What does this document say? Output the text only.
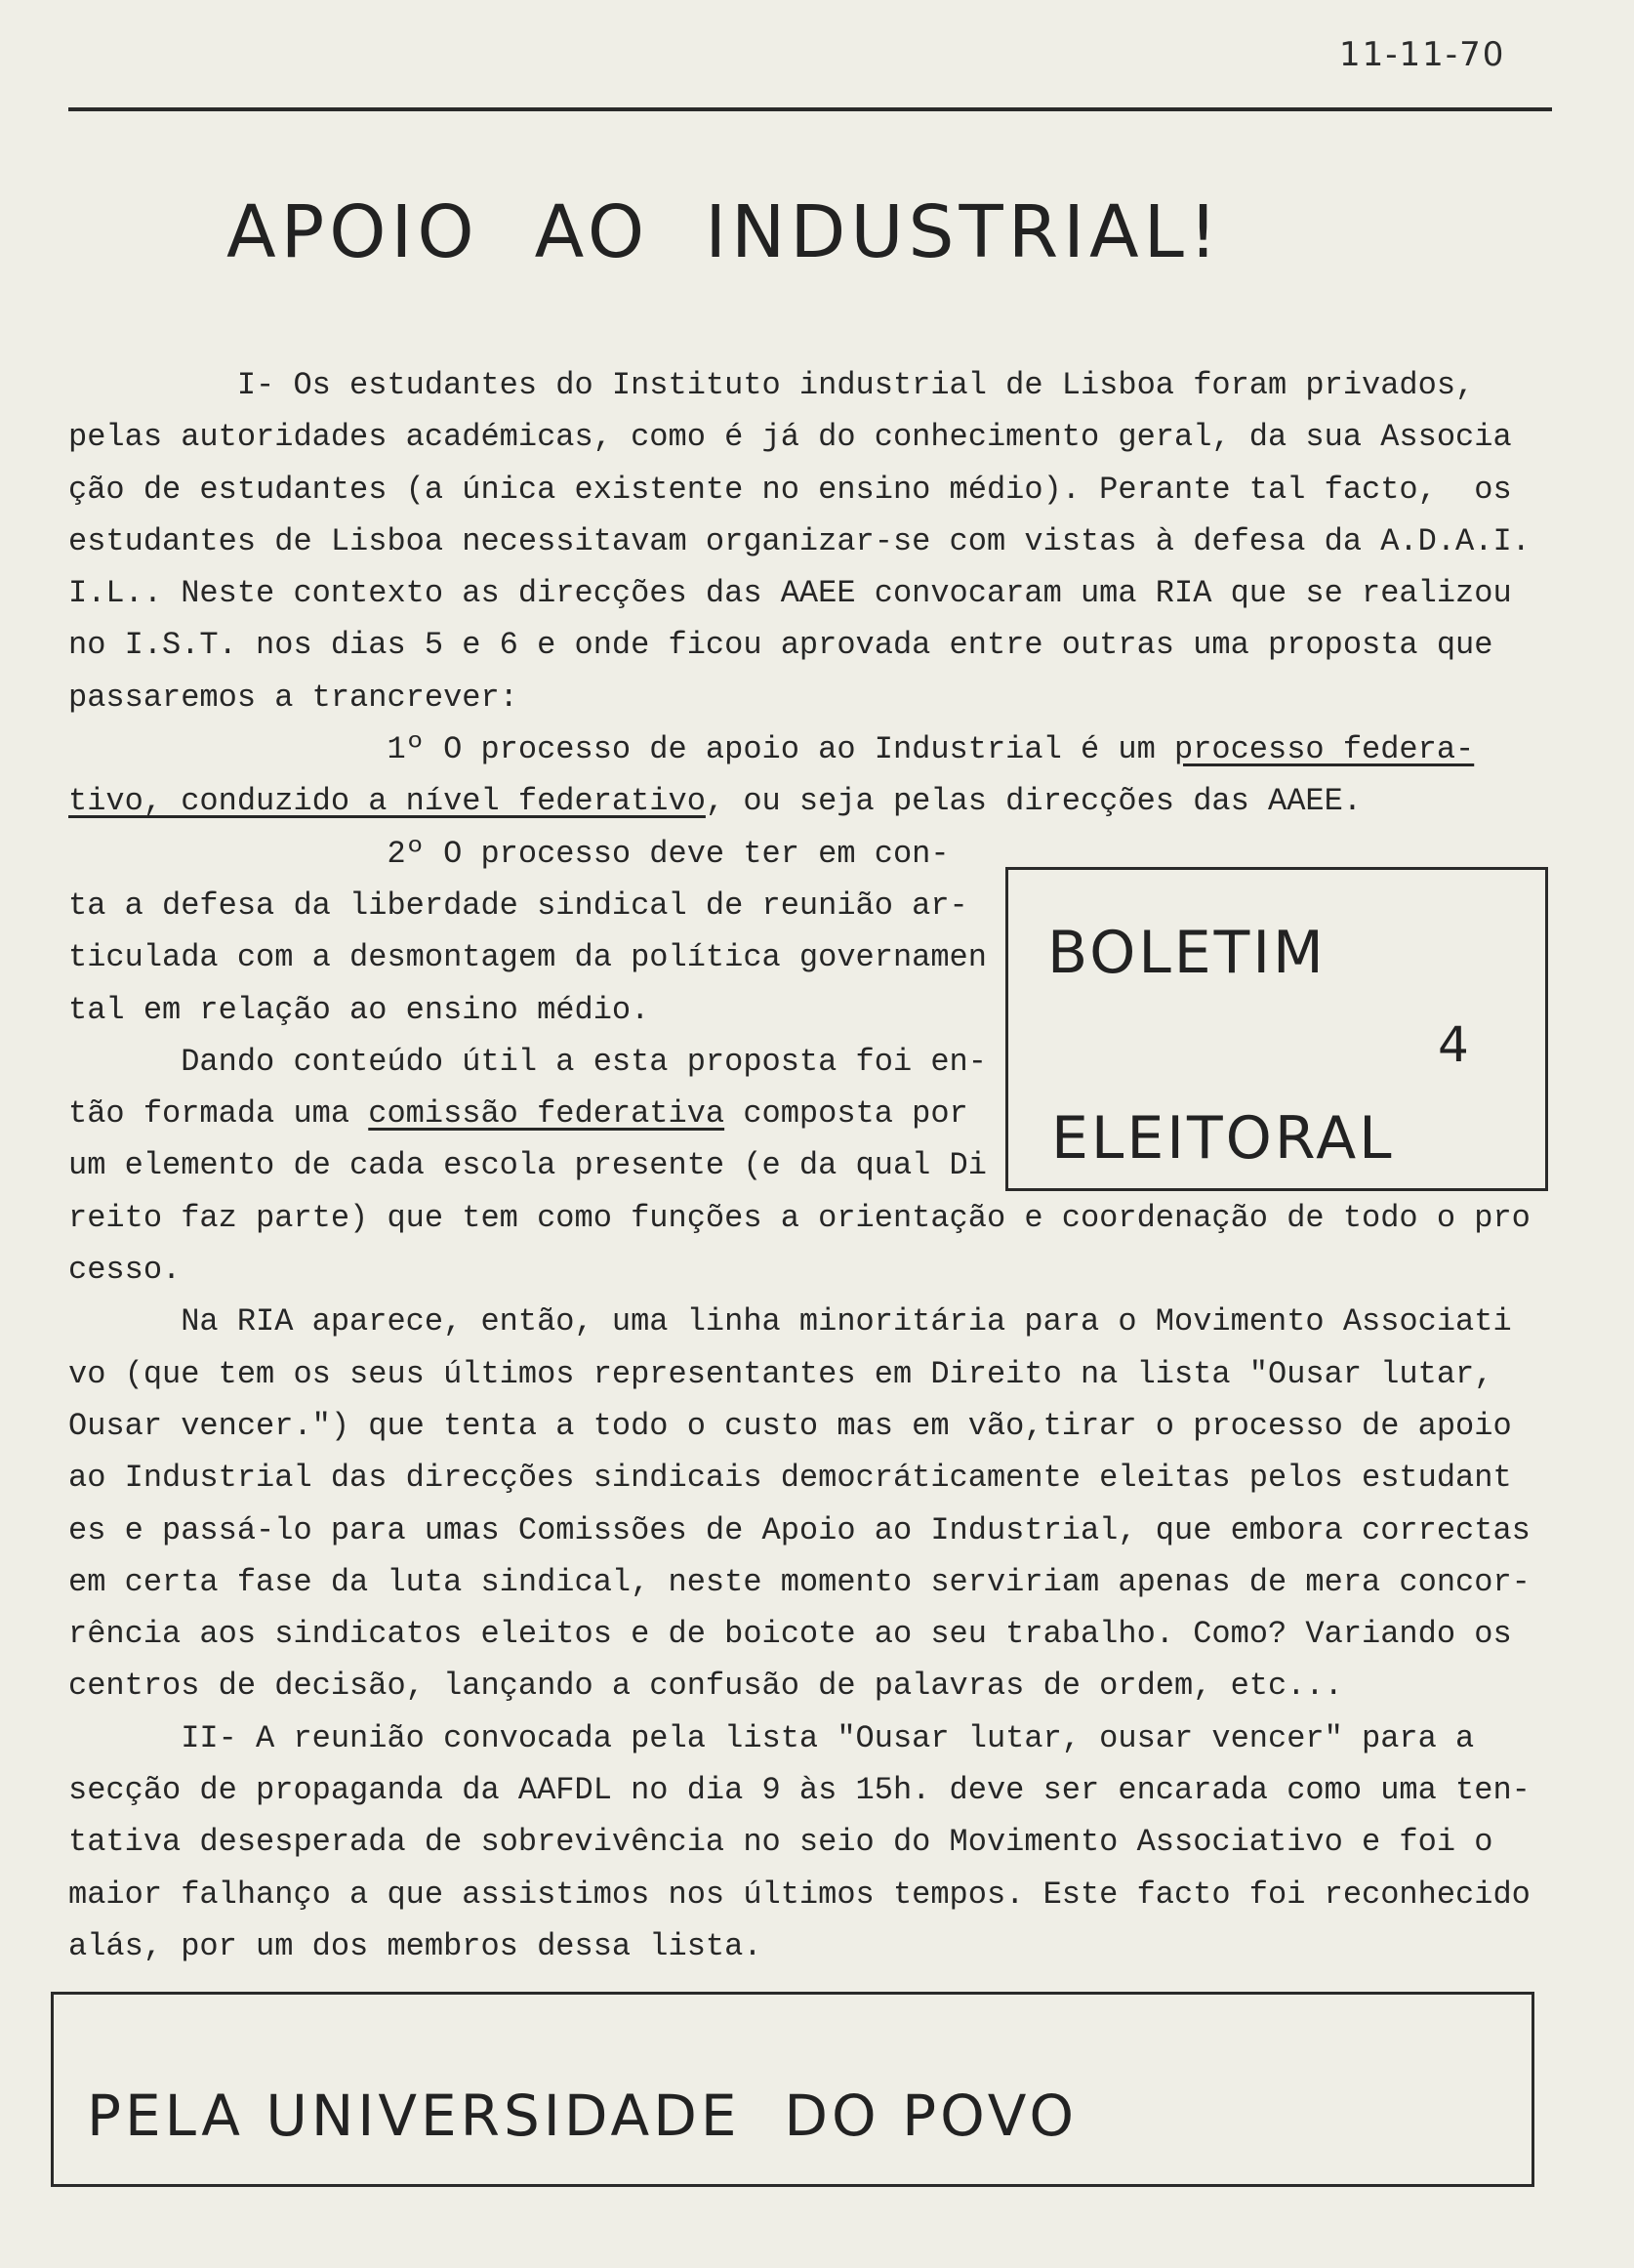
11-11-70
APOIO  AO  INDUSTRIAL!
I- Os estudantes do Instituto industrial de Lisboa foram privados,
pelas autoridades académicas, como é já do conhecimento geral, da sua Associa
ção de estudantes (a única existente no ensino médio). Perante tal facto,  os
estudantes de Lisboa necessitavam organizar-se com vistas à defesa da A.D.A.I.
I.L.. Neste contexto as direcções das AAEE convocaram uma RIA que se realizou
no I.S.T. nos dias 5 e 6 e onde ficou aprovada entre outras uma proposta que
passaremos a trancrever:
1º O processo de apoio ao Industrial é um processo federa-
tivo, conduzido a nível federativo, ou seja pelas direcções das AAEE.
2º O processo deve ter em con-
ta a defesa da liberdade sindical de reunião ar-
ticulada com a desmontagem da política governamen
tal em relação ao ensino médio.
Dando conteúdo útil a esta proposta foi en-
tão formada uma comissão federativa composta por
um elemento de cada escola presente (e da qual Di
reito faz parte) que tem como funções a orientação e coordenação de todo o pro
cesso.
Na RIA aparece, então, uma linha minoritária para o Movimento Associati
vo (que tem os seus últimos representantes em Direito na lista "Ousar lutar,
Ousar vencer.") que tenta a todo o custo mas em vão,tirar o processo de apoio
ao Industrial das direcções sindicais democráticamente eleitas pelos estudant
es e passá-lo para umas Comissões de Apoio ao Industrial, que embora correctas
em certa fase da luta sindical, neste momento serviriam apenas de mera concor-
rência aos sindicatos eleitos e de boicote ao seu trabalho. Como? Variando os
centros de decisão, lançando a confusão de palavras de ordem, etc...
II- A reunião convocada pela lista "Ousar lutar, ousar vencer" para a
secção de propaganda da AAFDL no dia 9 às 15h. deve ser encarada como uma ten-
tativa desesperada de sobrevivência no seio do Movimento Associativo e foi o
maior falhanço a que assistimos nos últimos tempos. Este facto foi reconhecido
alás, por um dos membros dessa lista.
BOLETIM
4
ELEITORAL
PELA UNIVERSIDADE  DO POVO
